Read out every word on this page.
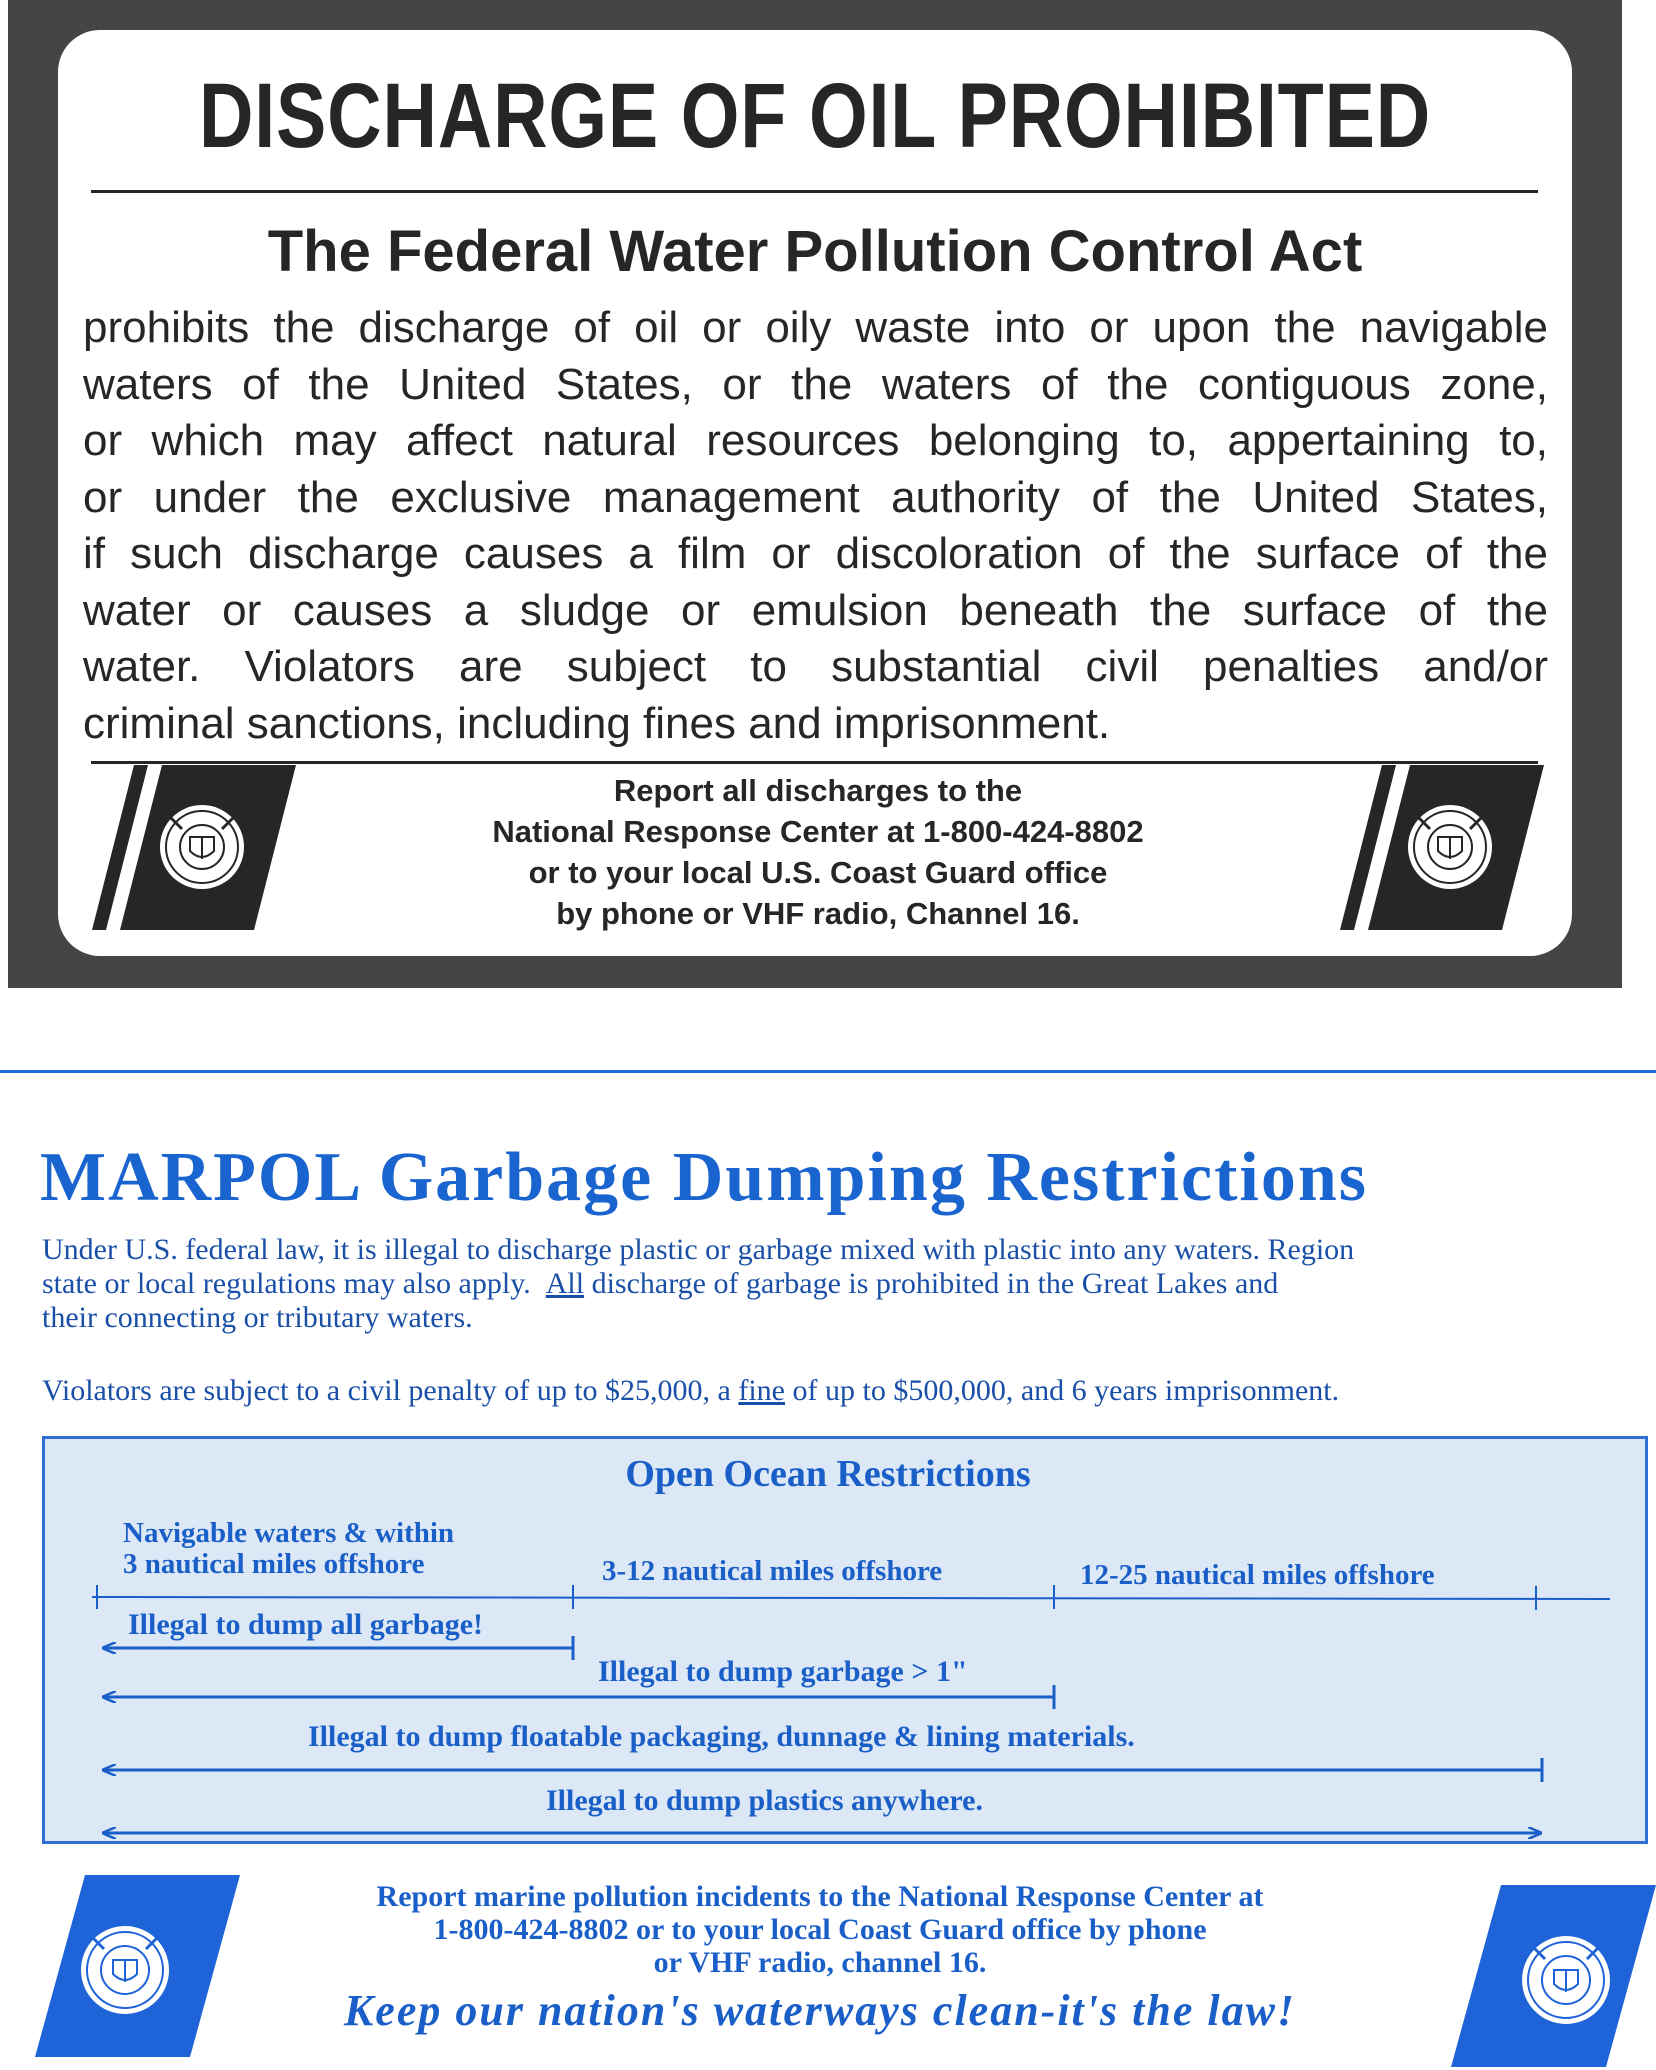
DISCHARGE OF OIL PROHIBITED
The Federal Water Pollution Control Act
prohibits the discharge of oil or oily waste into or upon the navigable
waters of the United States, or the waters of the contiguous zone,
or which may affect natural resources belonging to, appertaining to,
or under the exclusive management authority of the United States,
if such discharge causes a film or discoloration of the surface of the
water or causes a sludge or emulsion beneath the surface of the
water. Violators are subject to substantial civil penalties and/or
criminal sanctions, including fines and imprisonment.
Report all discharges to the
National Response Center at 1-800-424-8802
or to your local U.S. Coast Guard office
by phone or VHF radio, Channel 16.
MARPOL Garbage Dumping Restrictions
Under U.S. federal law, it is illegal to discharge plastic or garbage mixed with plastic into any waters. Region
state or local regulations may also apply. All discharge of garbage is prohibited in the Great Lakes and
their connecting or tributary waters.
Violators are subject to a civil penalty of up to $25,000, a fine of up to $500,000, and 6 years imprisonment.
Open Ocean Restrictions
Navigable waters & within
3 nautical miles offshore	3-12 nautical miles offshore	12-25 nautical miles offshore
Illegal to dump all garbage!
Illegal to dump garbage > 1"
Illegal to dump floatable packaging, dunnage & lining materials.
Illegal to dump plastics anywhere.
Report marine pollution incidents to the National Response Center at
1-800-424-8802 or to your local Coast Guard office by phone
or VHF radio, channel 16.
Keep our nation's waterways clean-it's the law!
